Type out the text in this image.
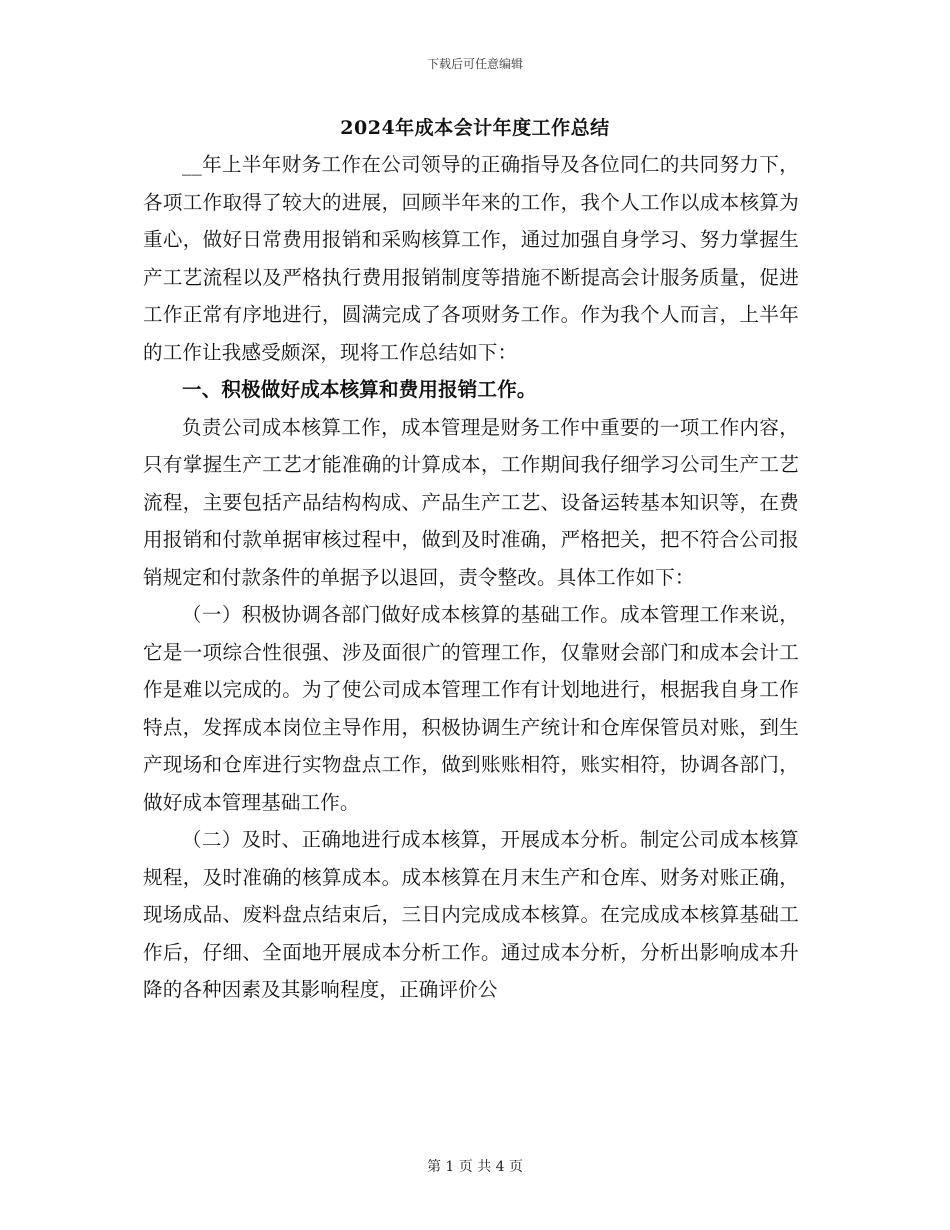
下载后可任意编辑
2024年成本会计年度工作总结

__年上半年财务工作在公司领导的正确指导及各位同仁的共同努力下，各项工作取得了较大的进展，回顾半年来的工作，我个人工作以成本核算为重心，做好日常费用报销和采购核算工作，通过加强自身学习、努力掌握生产工艺流程以及严格执行费用报销制度等措施不断提高会计服务质量，促进工作正常有序地进行，圆满完成了各项财务工作。作为我个人而言，上半年的工作让我感受颇深，现将工作总结如下：

一、积极做好成本核算和费用报销工作。

负责公司成本核算工作，成本管理是财务工作中重要的一项工作内容，只有掌握生产工艺才能准确的计算成本，工作期间我仔细学习公司生产工艺流程，主要包括产品结构构成、产品生产工艺、设备运转基本知识等，在费用报销和付款单据审核过程中，做到及时准确，严格把关，把不符合公司报销规定和付款条件的单据予以退回，责令整改。具体工作如下：

（一）积极协调各部门做好成本核算的基础工作。成本管理工作来说，它是一项综合性很强、涉及面很广的管理工作，仅靠财会部门和成本会计工作是难以完成的。为了使公司成本管理工作有计划地进行，根据我自身工作特点，发挥成本岗位主导作用，积极协调生产统计和仓库保管员对账，到生产现场和仓库进行实物盘点工作，做到账账相符，账实相符，协调各部门，做好成本管理基础工作。

（二）及时、正确地进行成本核算，开展成本分析。制定公司成本核算规程，及时准确的核算成本。成本核算在月末生产和仓库、财务对账正确，现场成品、废料盘点结束后，三日内完成成本核算。在完成成本核算基础工作后，仔细、全面地开展成本分析工作。通过成本分析，分析出影响成本升降的各种因素及其影响程度，正确评价公

第 1 页 共 4 页
